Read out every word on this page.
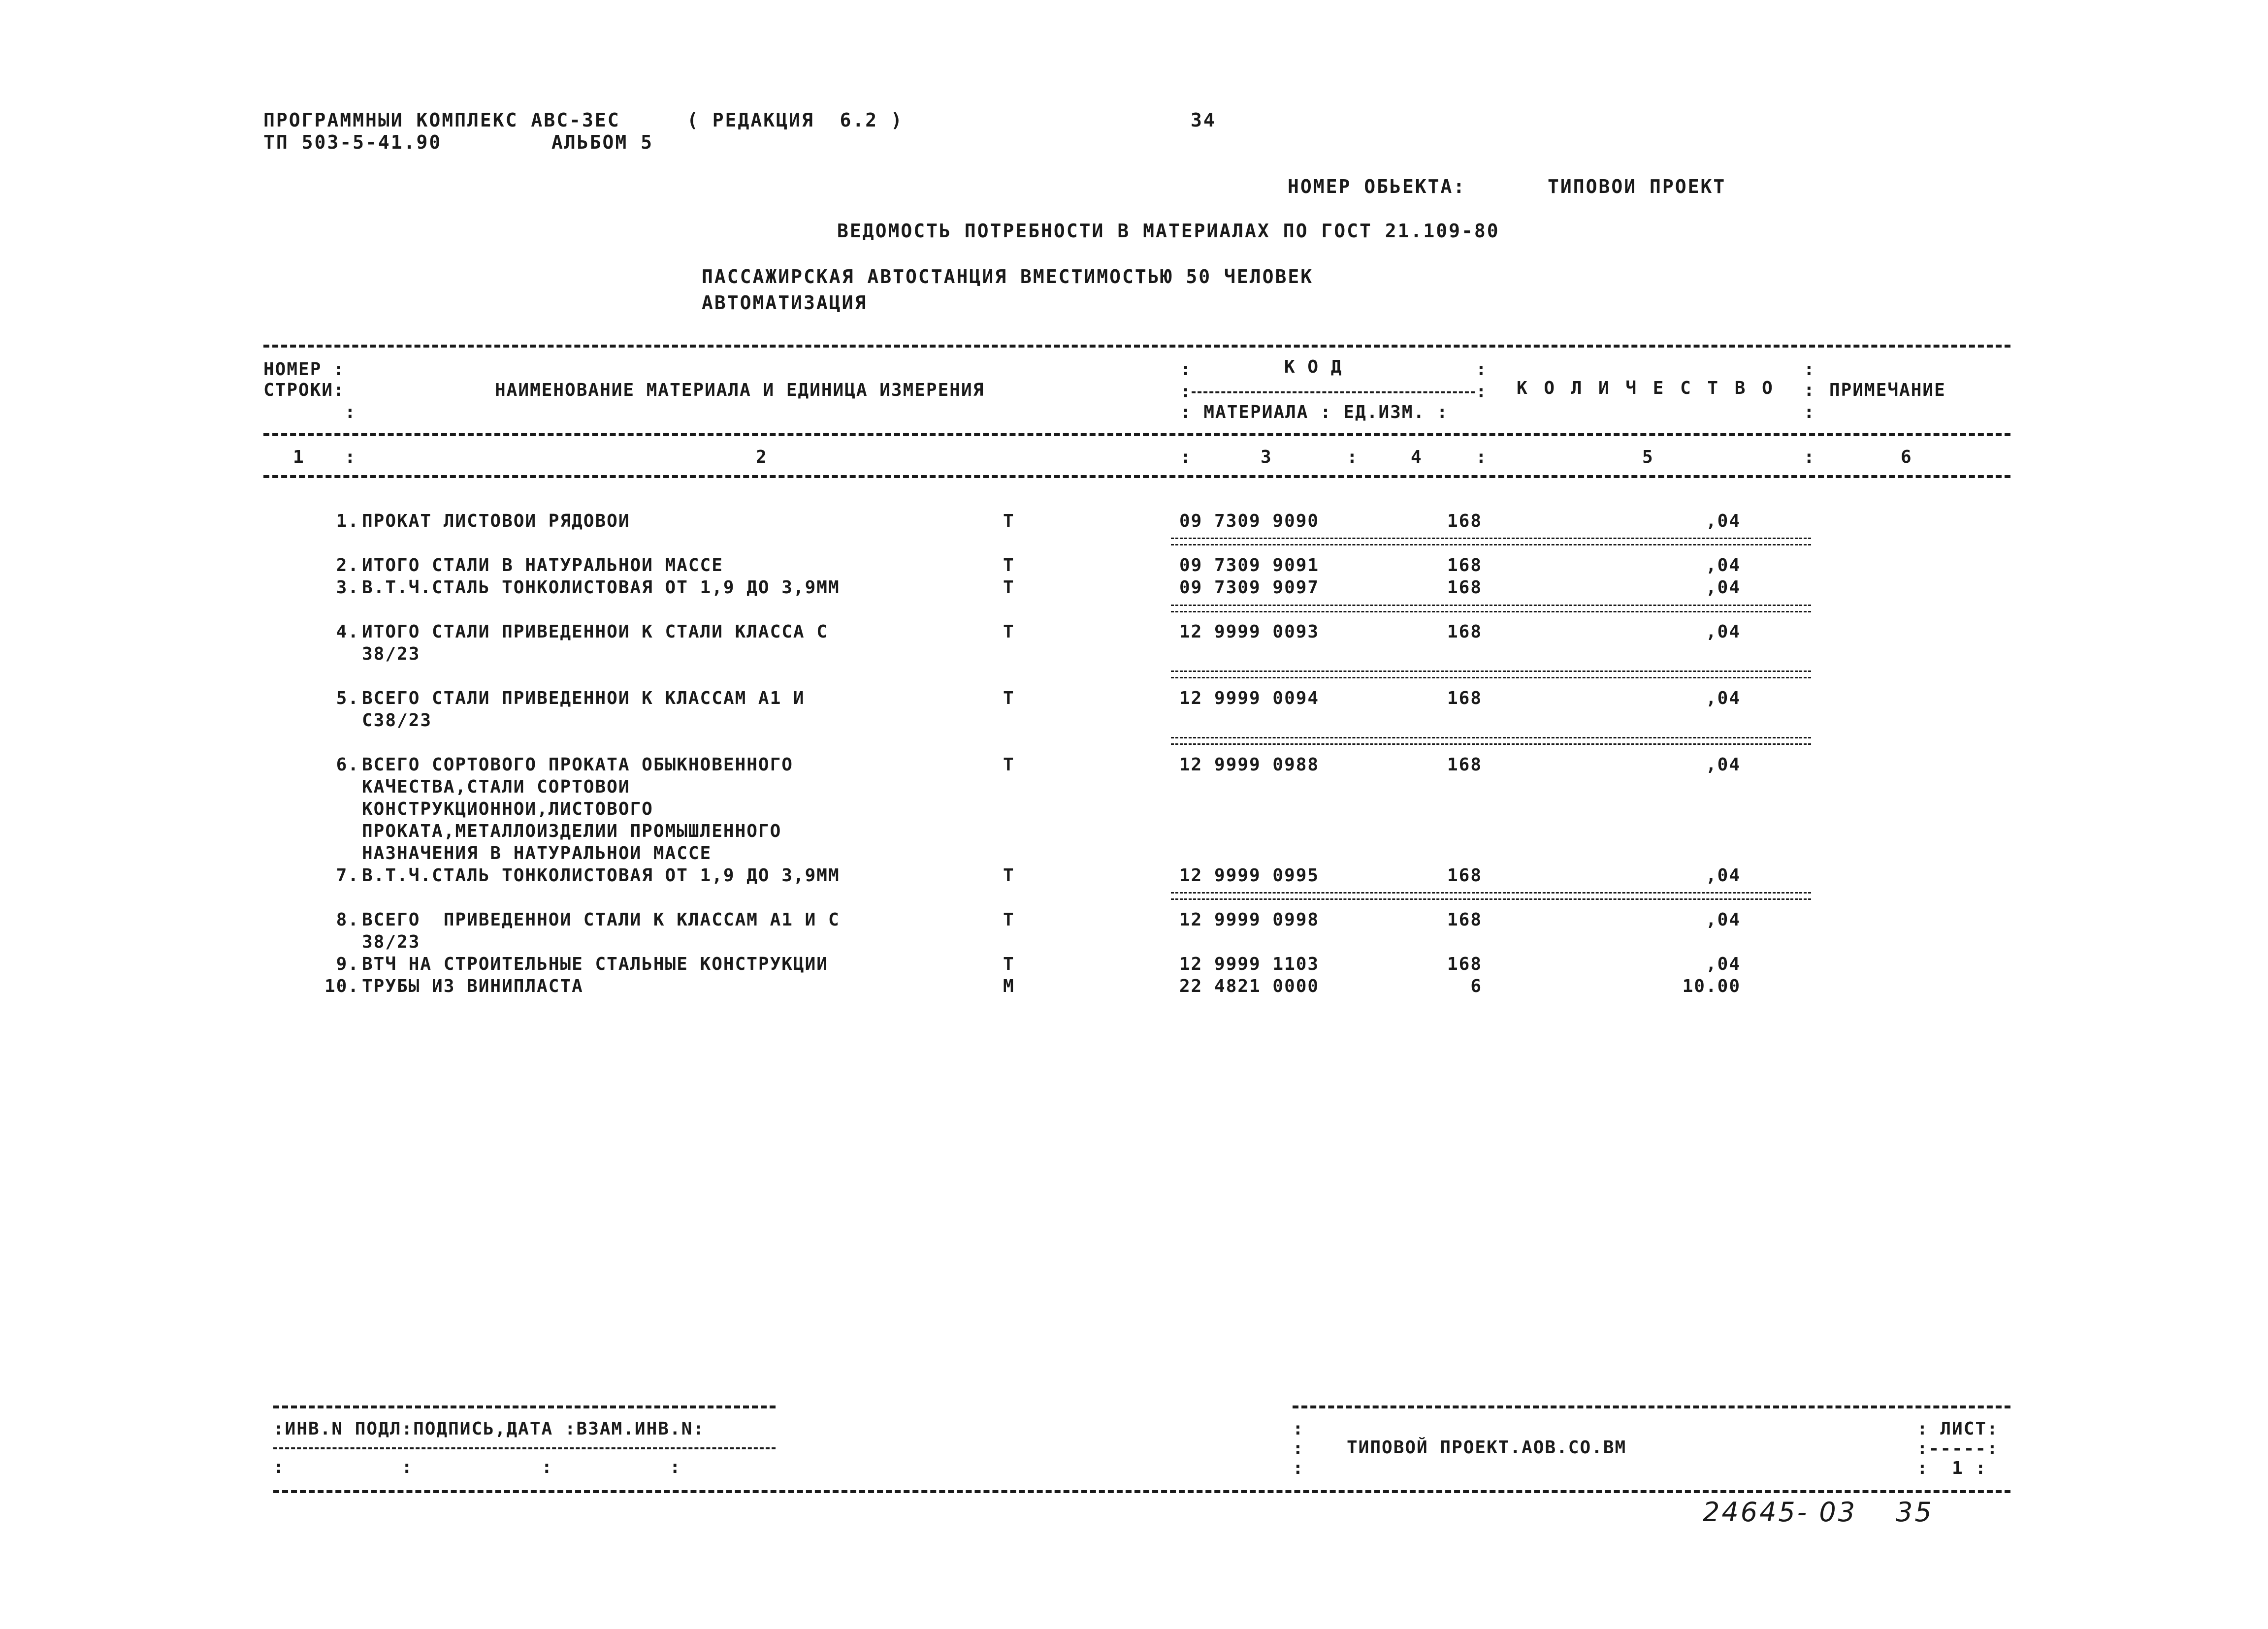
ПРОГРАММНЫИ КОМПЛЕКС АВС-3ЕС	( РЕДАКЦИЯ  6.2 )	34
ТП 503-5-41.90	АЛЬБОМ 5
НОМЕР ОБЬЕКТА:	ТИПОВОИ ПРОЕКТ
ВЕДОМОСТЬ ПОТРЕБНОСТИ В МАТЕРИАЛАХ ПО ГОСТ 21.109-80
ПАССАЖИРСКАЯ АВТОСТАНЦИЯ ВМЕСТИМОСТЬЮ 50 ЧЕЛОВЕК
АВТОМАТИЗАЦИЯ
НОМЕР :
СТРОКИ:
:
НАИМЕНОВАНИЕ МАТЕРИАЛА И ЕДИНИЦА ИЗМЕРЕНИЯ
:	К О Д	:
:	:
: МАТЕРИАЛА : ЕД.ИЗМ. :
К О Л И Ч Е С Т В О
:
:
:
ПРИМЕЧАНИЕ
1 :	2	:	3	:	4	:	5	:	6
1. ПРОКАТ ЛИСТОВОИ РЯДОВОИ	Т	09 7309 9090	168	,04
2. ИТОГО СТАЛИ В НАТУРАЛЬНОИ МАССЕ	Т	09 7309 9091	168	,04
3. В.Т.Ч.СТАЛЬ ТОНКОЛИСТОВАЯ ОТ 1,9 ДО 3,9ММ	Т	09 7309 9097	168	,04
4. ИТОГО СТАЛИ ПРИВЕДЕННОИ К СТАЛИ КЛАССА С
38/23
Т	12 9999 0093	168	,04
5. ВСЕГО СТАЛИ ПРИВЕДЕННОИ К КЛАССАМ А1 И
С38/23
Т	12 9999 0094	168	,04
6. ВСЕГО СОРТОВОГО ПРОКАТА ОБЫКНОВЕННОГО
КАЧЕСТВА,СТАЛИ СОРТОВОИ
КОНСТРУКЦИОННОИ,ЛИСТОВОГО
ПРОКАТА,МЕТАЛЛОИЗДЕЛИИ ПРОМЫШЛЕННОГО
НАЗНАЧЕНИЯ В НАТУРАЛЬНОИ МАССЕ
Т	12 9999 0988	168	,04
7. В.Т.Ч.СТАЛЬ ТОНКОЛИСТОВАЯ ОТ 1,9 ДО 3,9ММ	Т	12 9999 0995	168	,04
8. ВСЕГО  ПРИВЕДЕННОИ СТАЛИ К КЛАССАМ А1 И С
38/23
Т	12 9999 0998	168	,04
9. ВТЧ НА СТРОИТЕЛЬНЫЕ СТАЛЬНЫЕ КОНСТРУКЦИИ	Т	12 9999 1103	168	,04
10. ТРУБЫ ИЗ ВИНИПЛАСТА	М	22 4821 0000	6	10.00
:ИНВ.N ПОДЛ:ПОДПИСЬ,ДАТА :ВЗАМ.ИНВ.N:
:          :           :          :
:
:
:
ТИПОВОЙ ПРОЕКТ.АОВ.СО.ВМ
: ЛИСТ:
:-----:
:  1 :
24645- 03 35
